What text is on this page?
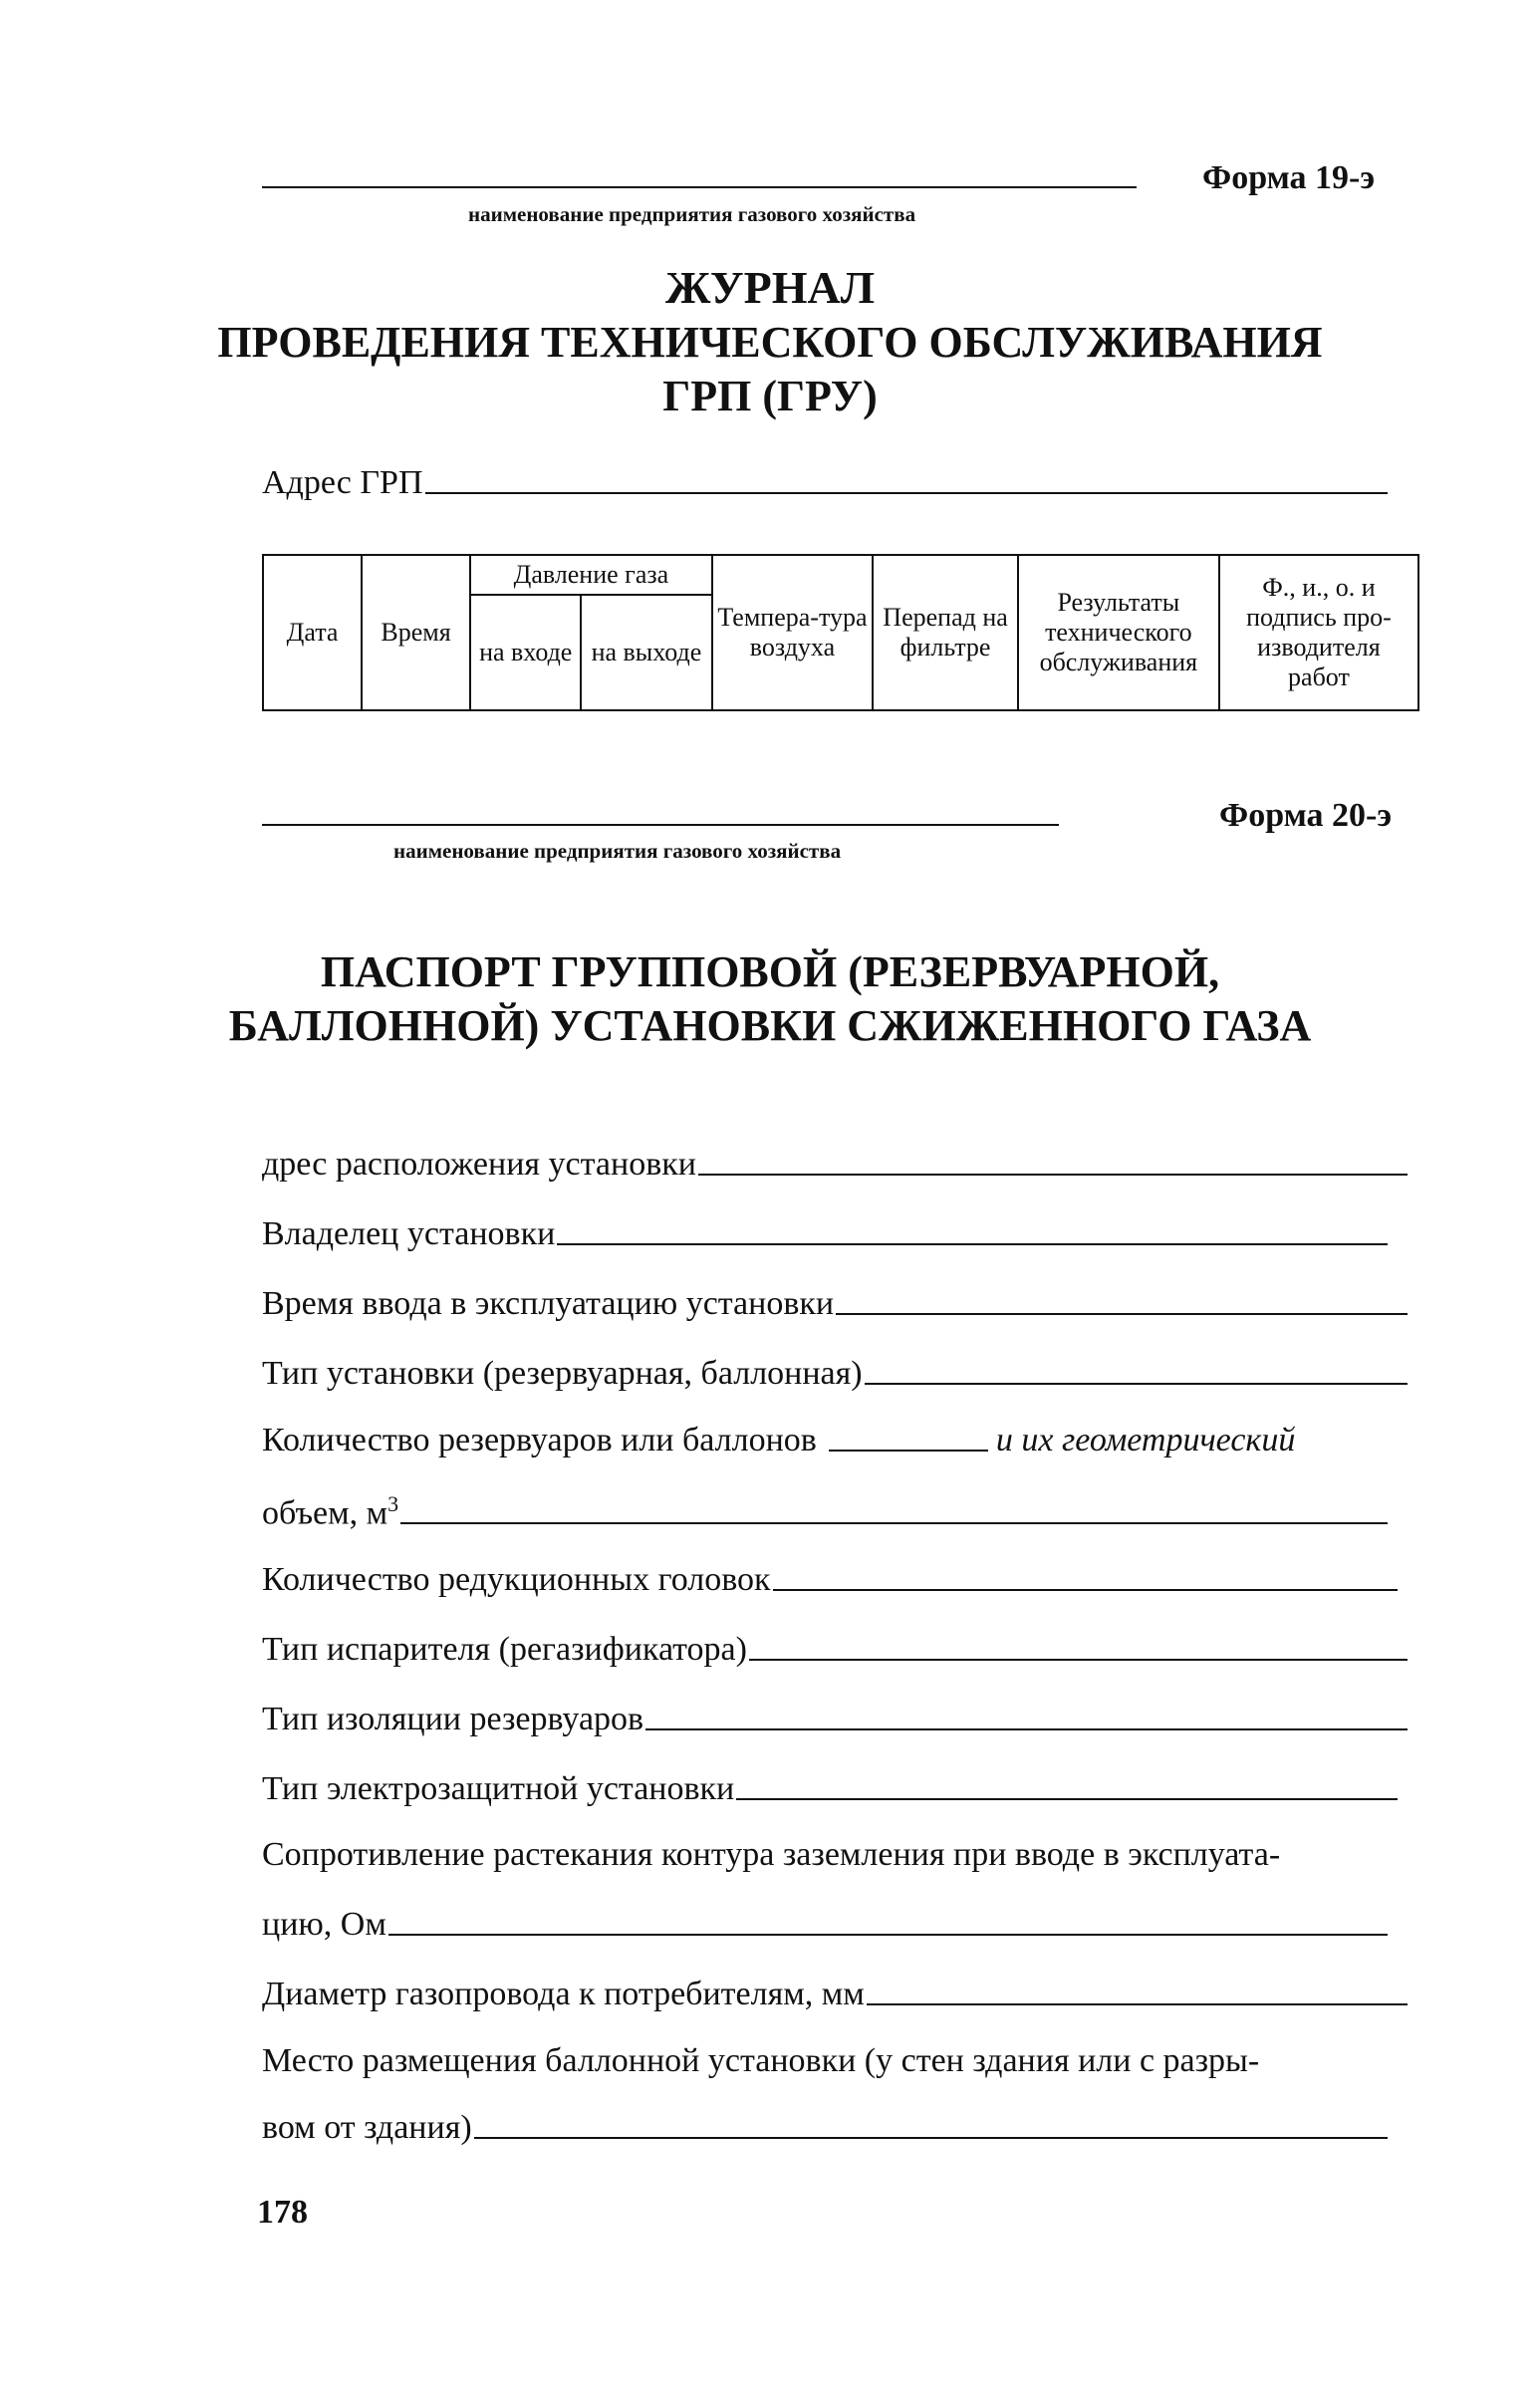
Форма 19-э
наименование предприятия газового хозяйства
ЖУРНАЛ
ПРОВЕДЕНИЯ ТЕХНИЧЕСКОГО ОБСЛУЖИВАНИЯ
ГРП (ГРУ)
Адрес ГРП
Дата	Время	Давление газа		Темпера-тура воздуха	Перепад на фильтре	Результаты технического обслуживания	Ф., и., о. и подпись про-изводителя работ
		на входе	на выходе				
Форма 20-э
наименование предприятия газового хозяйства
ПАСПОРТ ГРУППОВОЙ (РЕЗЕРВУАРНОЙ,
БАЛЛОННОЙ) УСТАНОВКИ СЖИЖЕННОГО ГАЗА
дрес расположения установки
Владелец установки
Время ввода в эксплуатацию установки
Тип установки (резервуарная, баллонная)
Количество резервуаров или баллонов	и их геометрический
объем, $м^3$
Количество редукционных головок
Тип испарителя (регазификатора)
Тип изоляции резервуаров
Тип электрозащитной установки
Сопротивление растекания контура заземления при вводе в эксплуата-
цию, Ом
Диаметр газопровода к потребителям, мм
Место размещения баллонной установки (у стен здания или с разры-
вом от здания)
178
